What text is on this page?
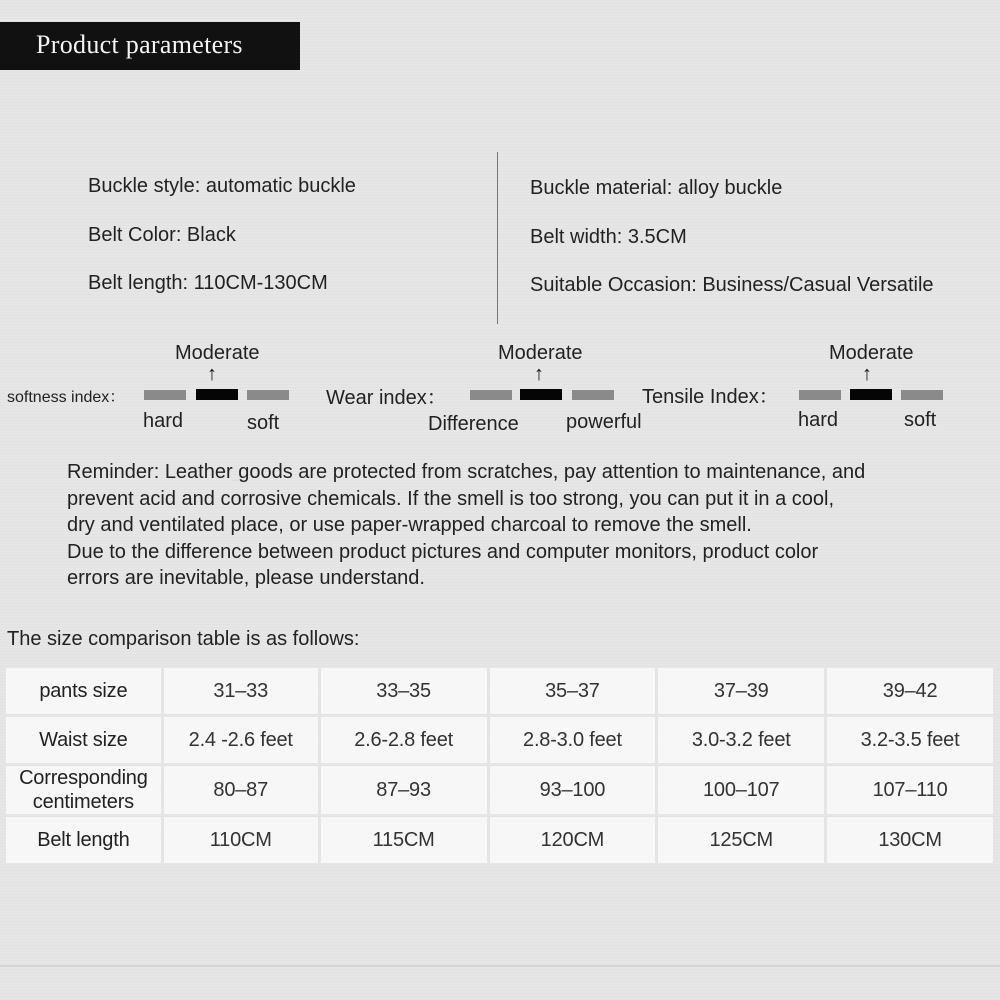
Product parameters
Buckle style: automatic buckle
Belt Color: Black
Belt length: 110CM-130CM
Buckle material: alloy buckle
Belt width: 3.5CM
Suitable Occasion: Business/Casual Versatile
Moderate
↑
softness index：
hard	soft
Moderate
↑
Wear index：
Difference powerful
Moderate
↑
Tensile Index：
hard	soft

Reminder: Leather goods are protected from scratches, pay attention to maintenance, and

prevent acid and corrosive chemicals. If the smell is too strong, you can put it in a cool,

dry and ventilated place, or use paper-wrapped charcoal to remove the smell.

Due to the difference between product pictures and computer monitors, product color

errors are inevitable, please understand.

The size comparison table is as follows:
pants size	31–33	33–35	35–37	37–39	39–42
Waist size	2.4 -2.6 feet	2.6-2.8 feet	2.8-3.0 feet	3.0-3.2 feet	3.2-3.5 feet
Corresponding centimeters	80–87	87–93	93–100	100–107	107–110
Belt length	110CM	115CM	120CM	125CM	130CM
